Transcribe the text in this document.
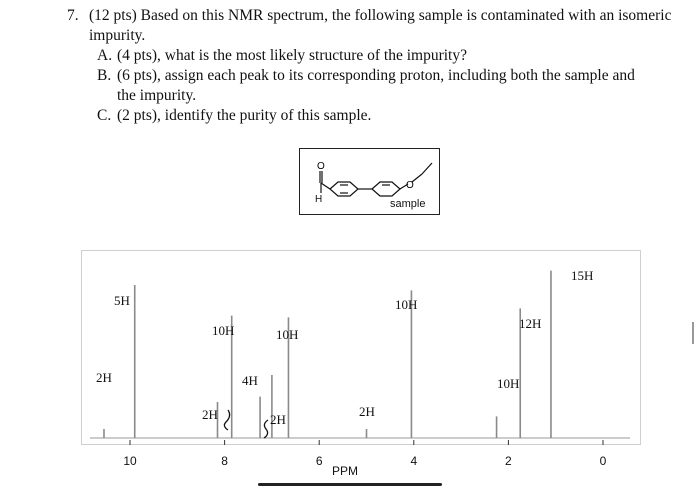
7. (12 pts) Based on this NMR spectrum, the following sample is contaminated with an isomeric impurity.
A. (4 pts), what is the most likely structure of the impurity?
B. (6 pts), assign each peak to its corresponding proton, including both the sample and the impurity.
C. (2 pts), identify the purity of this sample.
O
O
H	sample
10	8	6	4	2	0
PPM
2H
5H
10H
2H
4H
10H
2H
2H
10H
12H
10H
15H
